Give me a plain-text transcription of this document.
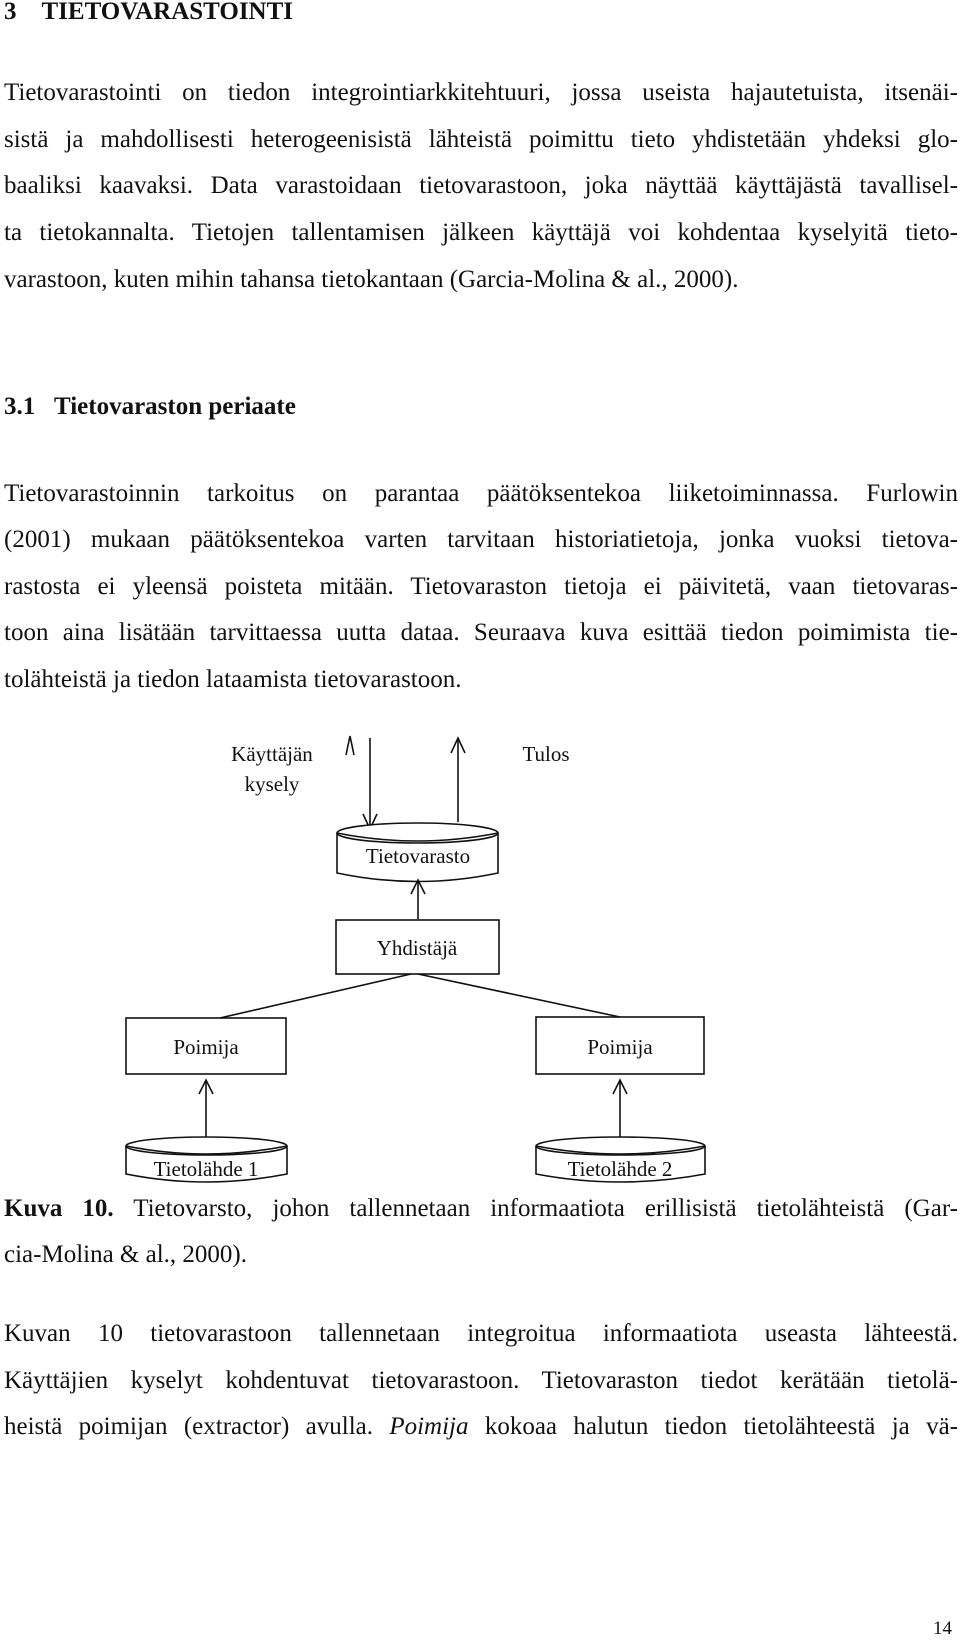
3 TIETOVARASTOINTI
Tietovarastointi on tiedon integrointiarkkitehtuuri, jossa useista hajautetuista, itsenäi-
sistä ja mahdollisesti heterogeenisistä lähteistä poimittu tieto yhdistetään yhdeksi glo-
baaliksi kaavaksi. Data varastoidaan tietovarastoon, joka näyttää käyttäjästä tavallisel-
ta tietokannalta. Tietojen tallentamisen jälkeen käyttäjä voi kohdentaa kyselyitä tieto-
varastoon, kuten mihin tahansa tietokantaan (Garcia-Molina & al., 2000).
3.1 Tietovaraston periaate
Tietovarastoinnin tarkoitus on parantaa päätöksentekoa liiketoiminnassa. Furlowin
(2001) mukaan päätöksentekoa varten tarvitaan historiatietoja, jonka vuoksi tietova-
rastosta ei yleensä poisteta mitään. Tietovaraston tietoja ei päivitetä, vaan tietovaras-
toon aina lisätään tarvittaessa uutta dataa. Seuraava kuva esittää tiedon poimimista tie-
tolähteistä ja tiedon lataamista tietovarastoon.
Käyttäjän
kysely
Tulos
Tietovarasto
Yhdistäjä
Poimija	Poimija
Tietolähde 1	Tietolähde 2
Kuva 10. Tietovarsto, johon tallennetaan informaatiota erillisistä tietolähteistä (Gar-
cia-Molina & al., 2000).
Kuvan 10 tietovarastoon tallennetaan integroitua informaatiota useasta lähteestä.
Käyttäjien kyselyt kohdentuvat tietovarastoon. Tietovaraston tiedot kerätään tietolä-
heistä poimijan (extractor) avulla. Poimija kokoaa halutun tiedon tietolähteestä ja vä-
14
